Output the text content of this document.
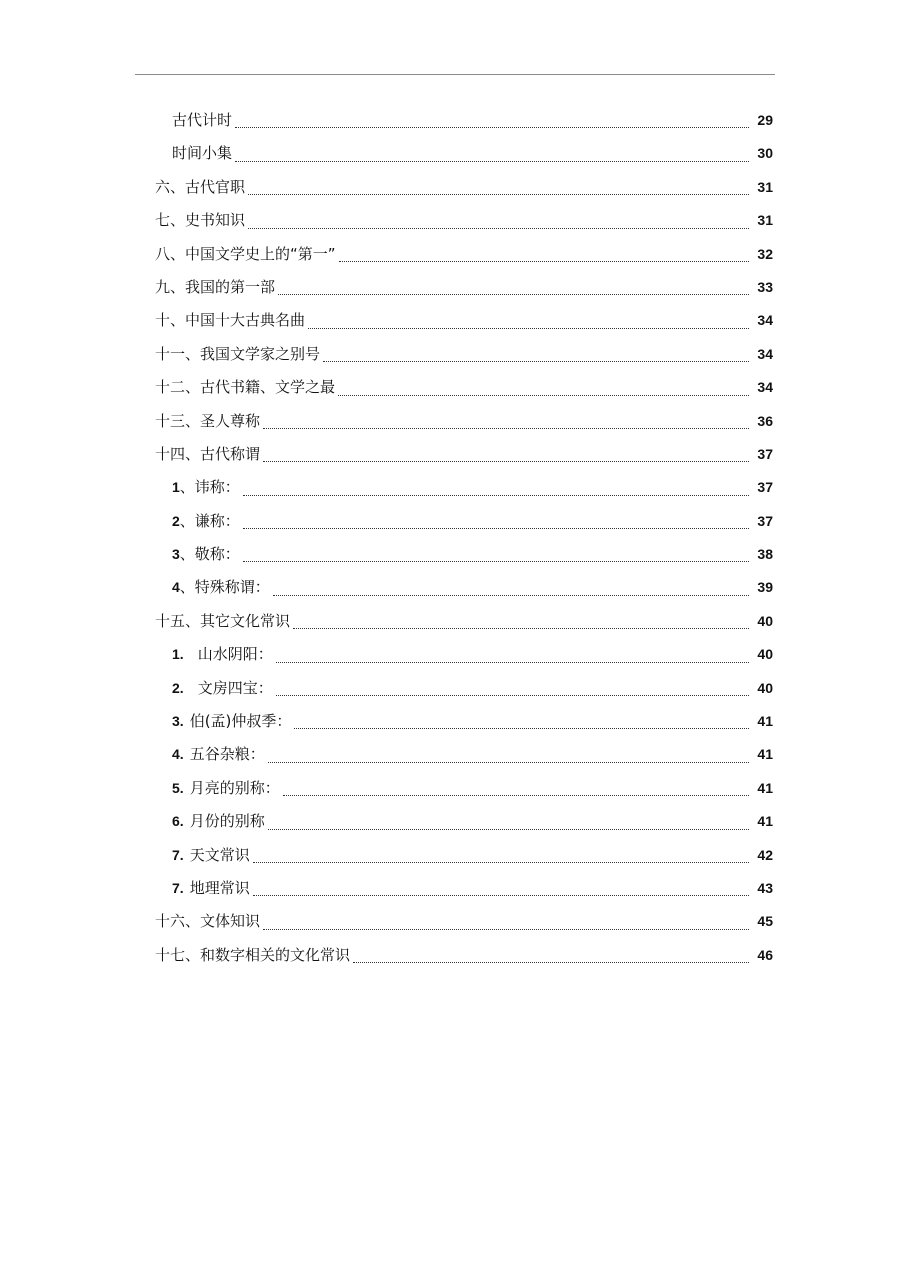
古代计时	29
时间小集	30
六、古代官职	31
七、史书知识	31
八、中国文学史上的“第一”	32
九、我国的第一部	33
十、中国十大古典名曲	34
十一、我国文学家之别号	34
十二、古代书籍、文学之最	34
十三、圣人尊称	36
十四、古代称谓	37
1、讳称：	37
2、谦称：	37
3、敬称：	38
4、特殊称谓：	39
十五、其它文化常识	40
1. 山水阴阳：	40
2. 文房四宝：	40
3. 伯(孟)仲叔季：	41
4. 五谷杂粮：	41
5. 月亮的别称：	41
6. 月份的别称	41
7. 天文常识	42
7. 地理常识	43
十六、文体知识	45
十七、和数字相关的文化常识	46
